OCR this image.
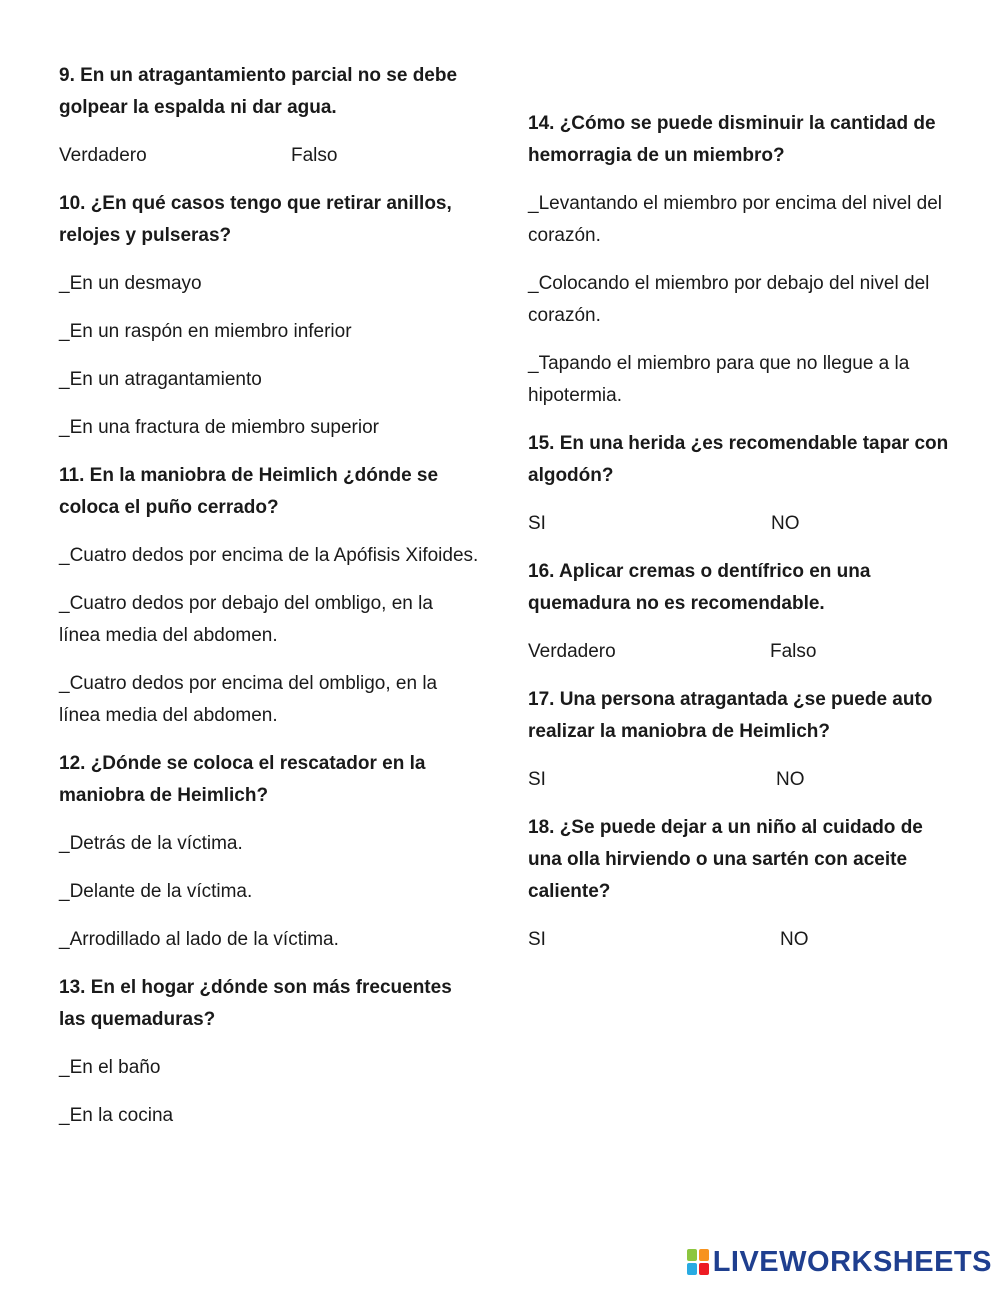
9. En un atragantamiento parcial no se debe golpear la espalda ni dar agua.

Verdadero	Falso

10. ¿En qué casos tengo que retirar anillos, relojes y pulseras?

_En un desmayo

_En un raspón en miembro inferior

_En un atragantamiento

_En una fractura de miembro superior

11. En la maniobra de Heimlich ¿dónde se coloca el puño cerrado?

_Cuatro dedos por encima de la Apófisis Xifoides.

_Cuatro dedos por debajo del ombligo, en la línea media del abdomen.

_Cuatro dedos por encima del ombligo, en la línea media del abdomen.

12. ¿Dónde se coloca el rescatador en la maniobra de Heimlich?

_Detrás de la víctima.

_Delante de la víctima.

_Arrodillado al lado de la víctima.

13. En el hogar ¿dónde son más frecuentes las quemaduras?

_En el baño

_En la cocina

14. ¿Cómo se puede disminuir la cantidad de hemorragia de un miembro?

_Levantando el miembro por encima del nivel del corazón.

_Colocando el miembro por debajo del nivel del corazón.

_Tapando el miembro para que no llegue a la hipotermia.

15. En una herida ¿es recomendable tapar con algodón?

SI	NO

16. Aplicar cremas o dentífrico en una quemadura no es recomendable.

Verdadero	Falso

17. Una persona atragantada ¿se puede auto realizar la maniobra de Heimlich?

SI	NO

18. ¿Se puede dejar a un niño al cuidado de una olla hirviendo o una sartén con aceite caliente?

SI	NO
LIVEWORKSHEETS
